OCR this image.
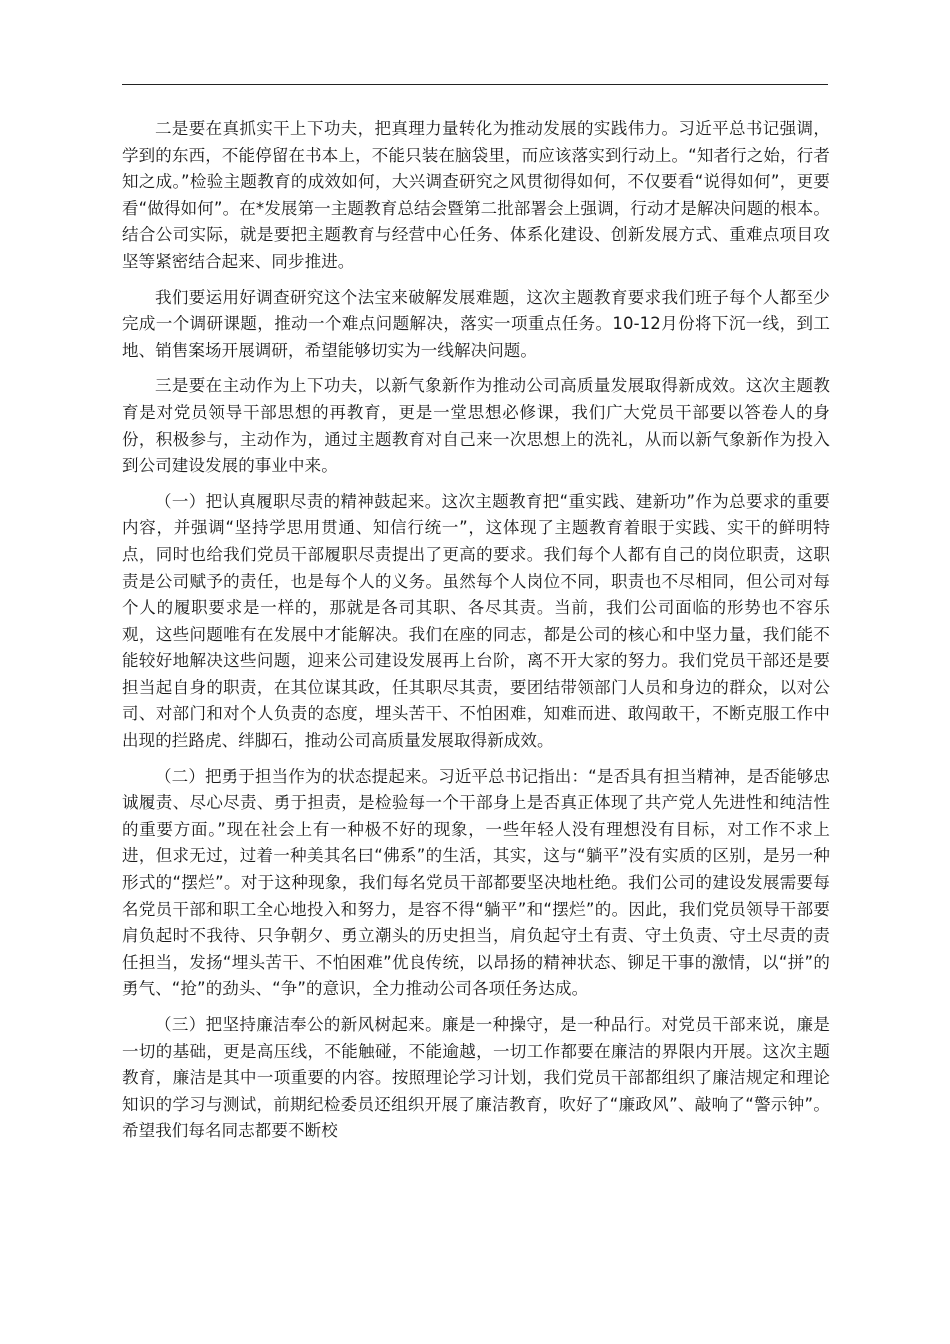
二是要在真抓实干上下功夫，把真理力量转化为推动发展的实践伟力。习近平总书记强调，学到的东西，不能停留在书本上，不能只装在脑袋里，而应该落实到行动上。“知者行之始，行者知之成。”检验主题教育的成效如何，大兴调查研究之风贯彻得如何，不仅要看“说得如何”，更要看“做得如何”。在*发展第一主题教育总结会暨第二批部署会上强调，行动才是解决问题的根本。结合公司实际，就是要把主题教育与经营中心任务、体系化建设、创新发展方式、重难点项目攻坚等紧密结合起来、同步推进。

我们要运用好调查研究这个法宝来破解发展难题，这次主题教育要求我们班子每个人都至少完成一个调研课题，推动一个难点问题解决，落实一项重点任务。10-12月份将下沉一线，到工地、销售案场开展调研，希望能够切实为一线解决问题。

三是要在主动作为上下功夫，以新气象新作为推动公司高质量发展取得新成效。这次主题教育是对党员领导干部思想的再教育，更是一堂思想必修课，我们广大党员干部要以答卷人的身份，积极参与，主动作为，通过主题教育对自己来一次思想上的洗礼，从而以新气象新作为投入到公司建设发展的事业中来。

（一）把认真履职尽责的精神鼓起来。这次主题教育把“重实践、建新功”作为总要求的重要内容，并强调“坚持学思用贯通、知信行统一”，这体现了主题教育着眼于实践、实干的鲜明特点，同时也给我们党员干部履职尽责提出了更高的要求。我们每个人都有自己的岗位职责，这职责是公司赋予的责任，也是每个人的义务。虽然每个人岗位不同，职责也不尽相同，但公司对每个人的履职要求是一样的，那就是各司其职、各尽其责。当前，我们公司面临的形势也不容乐观，这些问题唯有在发展中才能解决。我们在座的同志，都是公司的核心和中坚力量，我们能不能较好地解决这些问题，迎来公司建设发展再上台阶，离不开大家的努力。我们党员干部还是要担当起自身的职责，在其位谋其政，任其职尽其责，要团结带领部门人员和身边的群众，以对公司、对部门和对个人负责的态度，埋头苦干、不怕困难，知难而进、敢闯敢干，不断克服工作中出现的拦路虎、绊脚石，推动公司高质量发展取得新成效。

（二）把勇于担当作为的状态提起来。习近平总书记指出：“是否具有担当精神，是否能够忠诚履责、尽心尽责、勇于担责，是检验每一个干部身上是否真正体现了共产党人先进性和纯洁性的重要方面。”现在社会上有一种极不好的现象，一些年轻人没有理想没有目标，对工作不求上进，但求无过，过着一种美其名曰“佛系”的生活，其实，这与“躺平”没有实质的区别，是另一种形式的“摆烂”。对于这种现象，我们每名党员干部都要坚决地杜绝。我们公司的建设发展需要每名党员干部和职工全心地投入和努力，是容不得“躺平”和“摆烂”的。因此，我们党员领导干部要肩负起时不我待、只争朝夕、勇立潮头的历史担当，肩负起守土有责、守土负责、守土尽责的责任担当，发扬“埋头苦干、不怕困难”优良传统，以昂扬的精神状态、铆足干事的激情，以“拼”的勇气、“抢”的劲头、“争”的意识，全力推动公司各项任务达成。

（三）把坚持廉洁奉公的新风树起来。廉是一种操守，是一种品行。对党员干部来说，廉是一切的基础，更是高压线，不能触碰，不能逾越，一切工作都要在廉洁的界限内开展。这次主题教育，廉洁是其中一项重要的内容。按照理论学习计划，我们党员干部都组织了廉洁规定和理论知识的学习与测试，前期纪检委员还组织开展了廉洁教育，吹好了“廉政风”、敲响了“警示钟”。希望我们每名同志都要不断校
